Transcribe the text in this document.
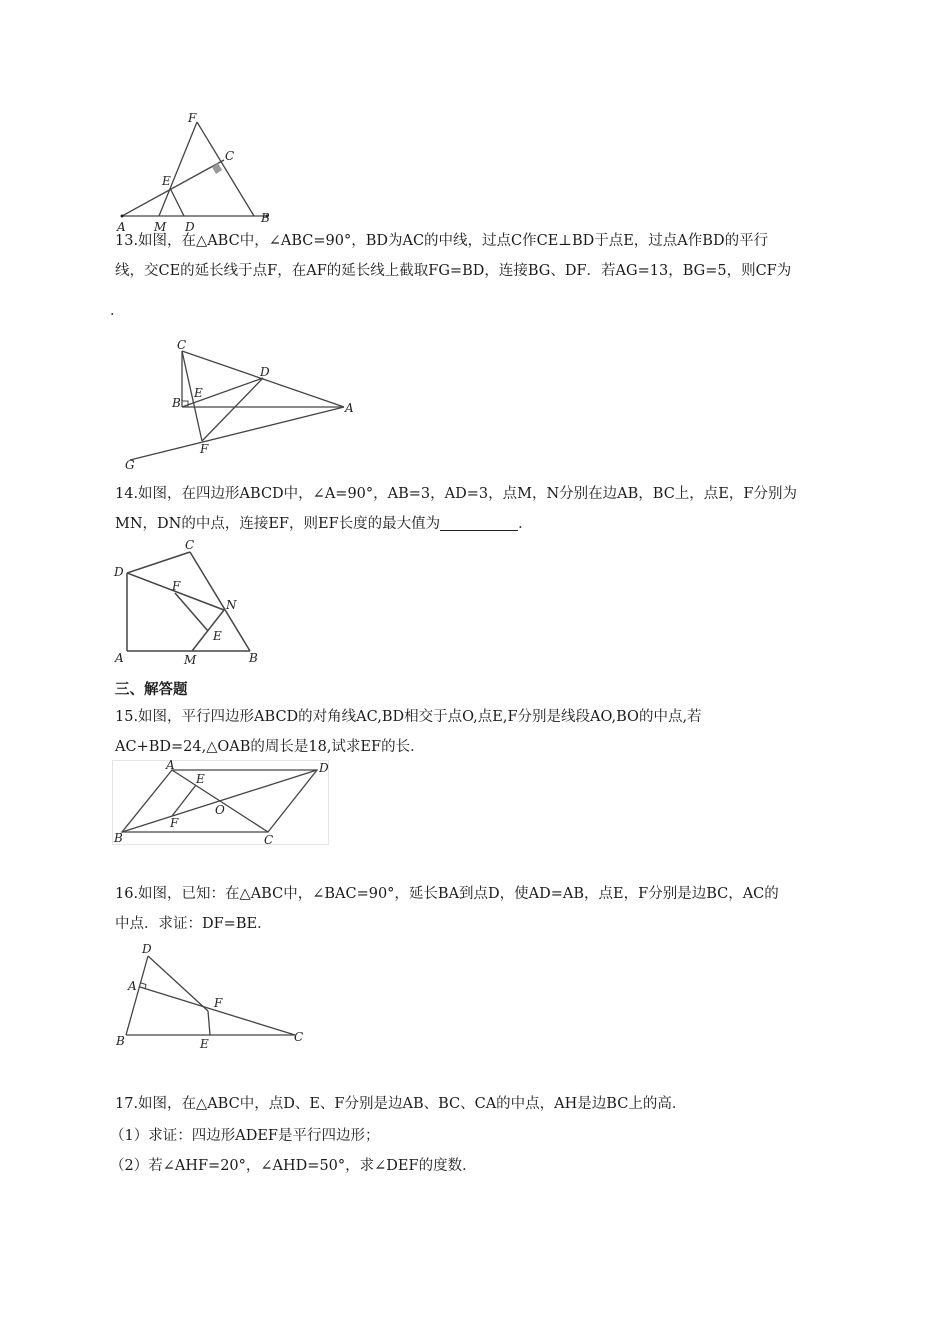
F
C
E
A M D
B

13.如图，在△ABC中，∠ABC=90°，BD为AC的中线，过点C作CE⊥BD于点E，过点A作BD的平行

线，交CE的延长线于点F，在AF的延长线上截取FG=BD，连接BG、DF．若AG=13，BG=5，则CF为

．

C
D
E
B	A
F
G

14.如图，在四边形ABCD中，∠A=90°，AB=3，AD=3，点M，N分别在边AB，BC上，点E，F分别为

MN，DN的中点，连接EF，则EF长度的最大值为	．

C
D
F
N
E
A	M	B

三、解答题

15.如图，平行四边形ABCD的对角线AC,BD相交于点O,点E,F分别是线段AO,BO的中点,若

AC+BD=24,△OAB的周长是18,试求EF的长．

A	D
E
O
F
B	C

16.如图，已知：在△ABC中，∠BAC=90°，延长BA到点D，使AD=AB，点E，F分别是边BC，AC的

中点．求证：DF=BE．

D
A
F
B	E	C

17.如图，在△ABC中，点D、E、F分别是边AB、BC、CA的中点，AH是边BC上的高．

（1）求证：四边形ADEF是平行四边形；

（2）若∠AHF=20°，∠AHD=50°，求∠DEF的度数．
